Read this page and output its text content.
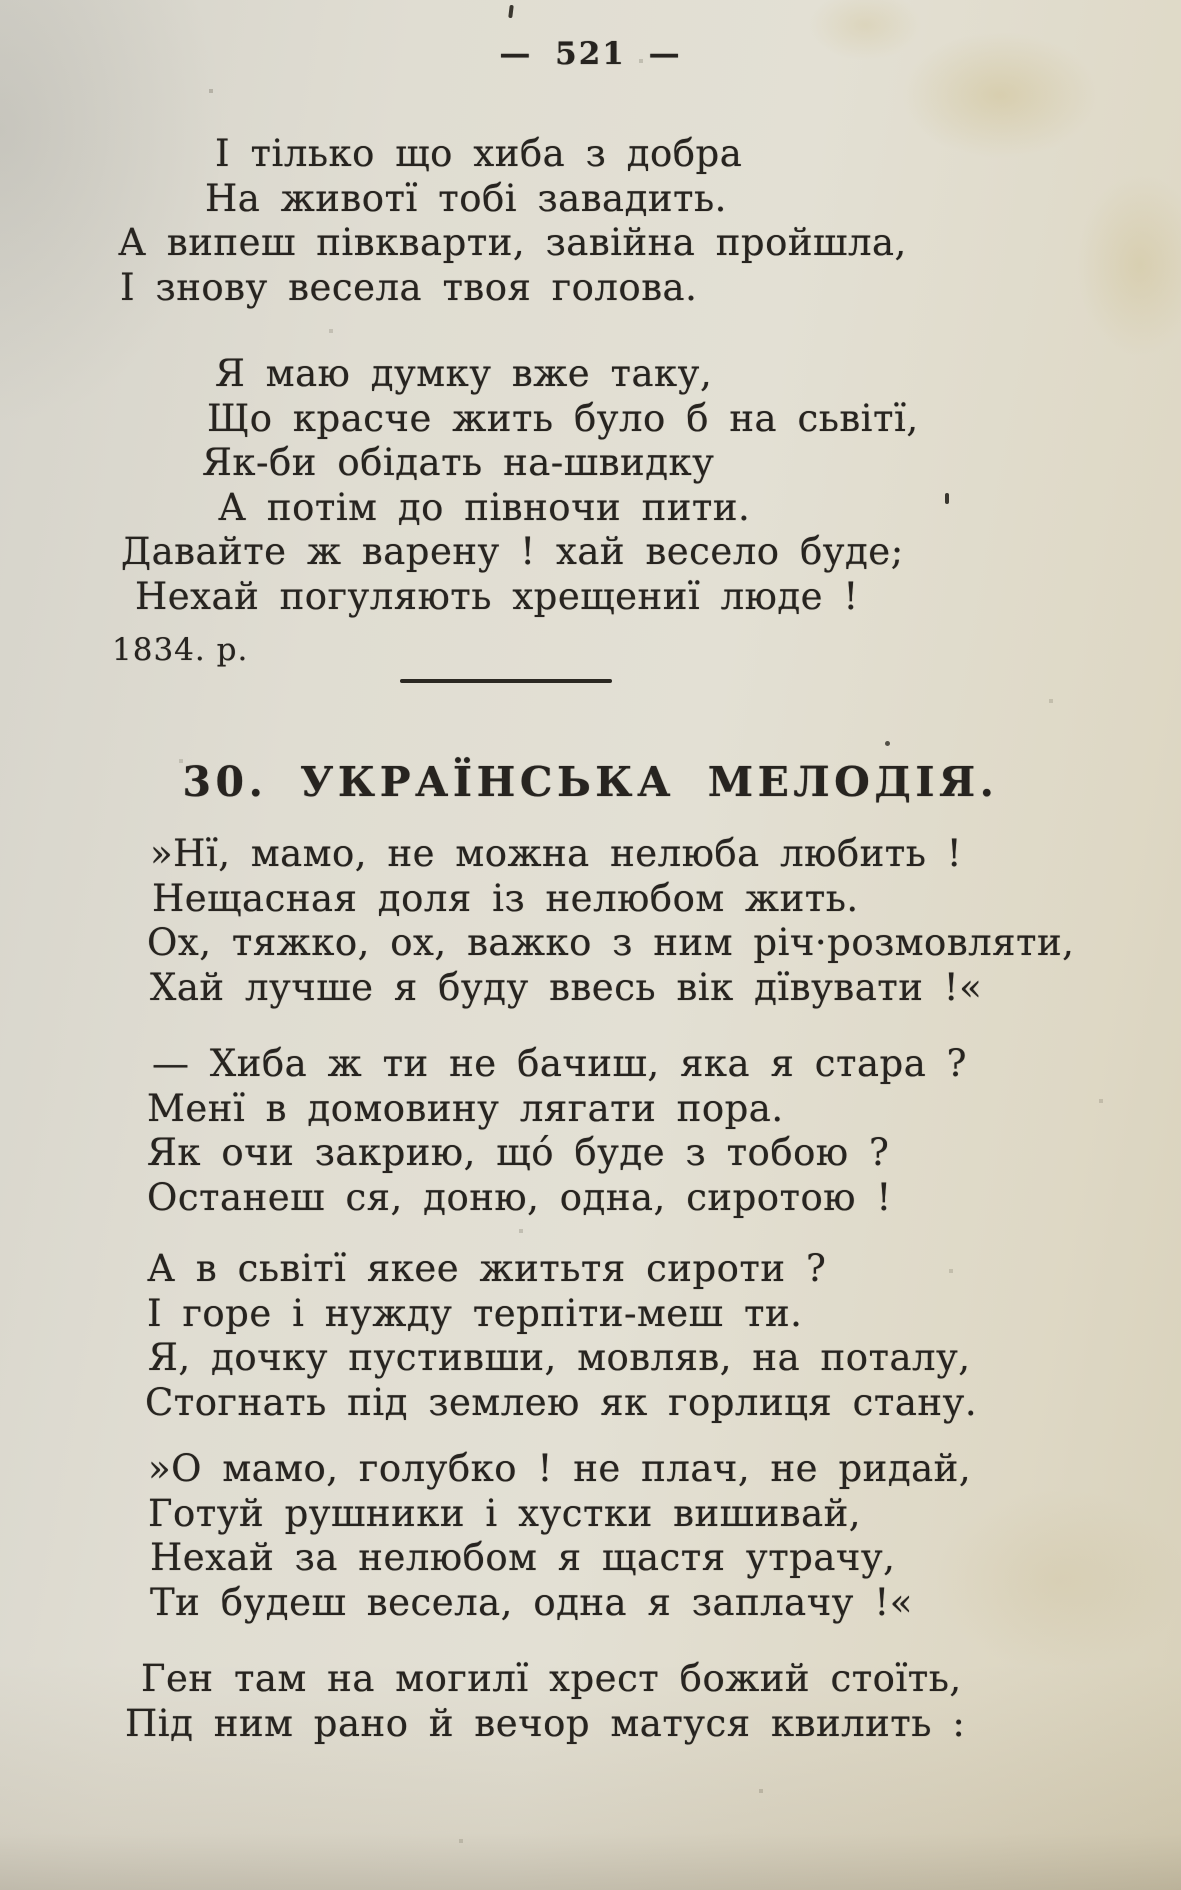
— 521 —
І тілько що хиба з добра
На животї тобі завадить.
А випеш півкварти, завійна пройшла,
І знову весела твоя голова.
Я маю думку вже таку,
Що красче жить було б на сьвітї,
Як-би обідать на-швидку
А потім до півночи пити.
Давайте ж варену ! хай весело буде;
Нехай погуляють хрещениї люде !
1834. р.
30. УКРАЇНСЬКА МЕЛОДІЯ.
»Нї, мамо, не можна нелюба любить !
Нещасная доля із нелюбом жить.
Ох, тяжко, ох, важко з ним річ·розмовляти,
Хай лучше я буду ввесь вік дївувати !«
— Хиба ж ти не бачиш, яка я стара ?
Менї в домовину лягати пора.
Як очи закрию, що́ буде з тобою ?
Останеш ся, доню, одна, сиротою !
А в сьвітї якее житьтя сироти ?
І горе і нужду терпіти-меш ти.
Я, дочку пустивши, мовляв, на поталу,
Стогнать під землею як горлиця стану.
»О мамо, голубко ! не плач, не ридай,
Готуй рушники і хустки вишивай,
Нехай за нелюбом я щастя утрачу,
Ти будеш весела, одна я заплачу !«
Ген там на могилї хрест божий стоїть,
Під ним рано й вечор матуся квилить :
